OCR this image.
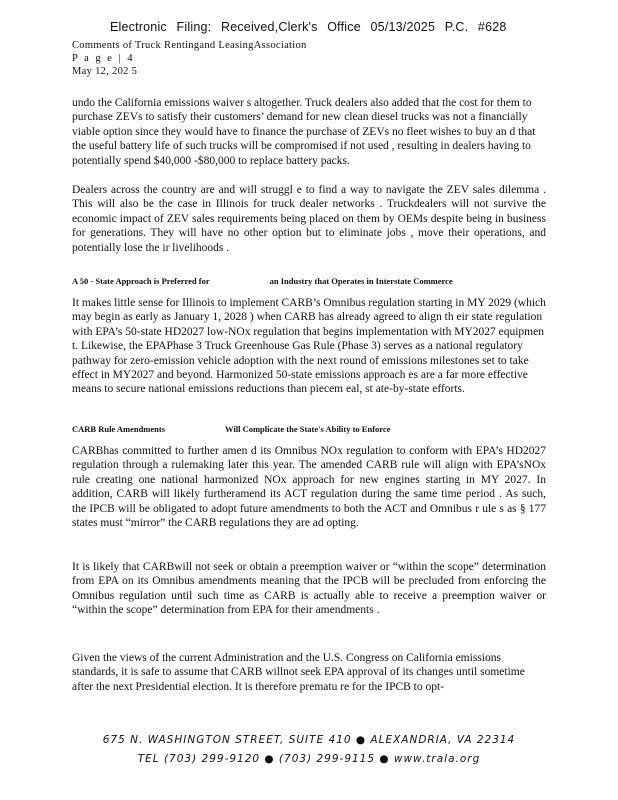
Electronic Filing: Received,Clerk's Office 05/13/2025 P.C. #628
Comments of Truck Rentingand LeasingAssociation
P a g e | 4
May 12, 202 5

undo the California emissions waiver s altogether. Truck dealers also added that the cost for them to purchase ZEVs to satisfy their customers’ demand for new clean diesel trucks was not a financially viable option since they would have to finance the purchase of ZEVs no fleet wishes to buy an d that the useful battery life of such trucks will be compromised if not used , resulting in dealers having to potentially spend $40,000 -$80,000 to replace battery packs.

Dealers across the country are and will struggl e to find a way to navigate the ZEV sales dilemma . This will also be the case in Illinois for truck dealer networks . Truckdealers will not survive the economic impact of ZEV sales requirements being placed on them by OEMs despite being in business for generations. They will have no other option but to eliminate jobs , move their operations, and potentially lose the ir livelihoods .

A 50 - State Approach is Preferred for	an Industry that Operates in Interstate Commerce

It makes little sense for Illinois to implement CARB’s Omnibus regulation starting in MY 2029 (which may begin as early as January 1, 2028 ) when CARB has already agreed to align th eir state regulation with EPA’s 50-state HD2027 low-NOx regulation that begins implementation with MY2027 equipmen t. Likewise, the EPAPhase 3 Truck Greenhouse Gas Rule (Phase 3) serves as a national regulatory pathway for zero-emission vehicle adoption with the next round of emissions milestones set to take effect in MY2027 and beyond. Harmonized 50-state emissions approach es are a far more effective means to secure national emissions reductions than piecem eal, st ate-by-state efforts.

CARB Rule Amendments	Will Complicate the State's Ability to Enforce

CARBhas committed to further amen d its Omnibus NOx regulation to conform with EPA’s HD2027 regulation through a rulemaking later this year. The amended CARB rule will align with EPA’sNOx rule creating one national harmonized NOx approach for new engines starting in MY 2027. In addition, CARB will likely furtheramend its ACT regulation during the same time period . As such, the IPCB will be obligated to adopt future amendments to both the ACT and Omnibus r ule s as § 177 states must “mirror” the CARB regulations they are ad opting.

It is likely that CARBwill not seek or obtain a preemption waiver or “within the scope” determination from EPA on its Omnibus amendments meaning that the IPCB will be precluded from enforcing the Omnibus regulation until such time as CARB is actually able to receive a preemption waiver or “within the scope” determination from EPA for their amendments .

Given the views of the current Administration and the U.S. Congress on California emissions standards, it is safe to assume that CARB willnot seek EPA approval of its changes until sometime after the next Presidential election. It is therefore prematu re for the IPCB to opt-

675 N. WASHINGTON STREET, SUITE 410 ● ALEXANDRIA, VA 22314
TEL (703) 299-9120 ● (703) 299-9115 ● www.trala.org
